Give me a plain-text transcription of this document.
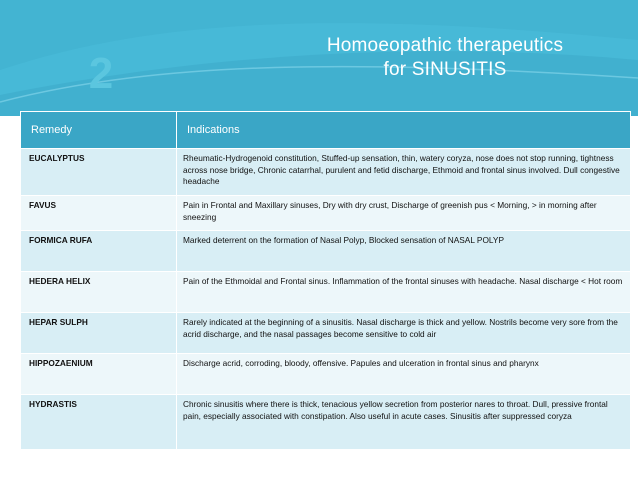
2
Homoeopathic therapeutics
for SINUSITIS
Remedy	Indications
EUCALYPTUS	Rheumatic-Hydrogenoid constitution, Stuffed-up sensation, thin, watery coryza, nose does not stop running, tightness across nose bridge, Chronic catarrhal, purulent and fetid discharge, Ethmoid and frontal sinus involved. Dull congestive headache
FAVUS	Pain in Frontal and Maxillary sinuses, Dry with dry crust, Discharge of greenish pus < Morning, > in morning after sneezing
FORMICA RUFA	Marked deterrent on the formation of Nasal Polyp, Blocked sensation of NASAL POLYP
HEDERA HELIX	Pain of the Ethmoidal and Frontal sinus. Inflammation of the frontal sinuses with headache. Nasal discharge < Hot room
HEPAR SULPH	Rarely indicated at the beginning of a sinusitis. Nasal discharge is thick and yellow. Nostrils become very sore from the acrid discharge, and the nasal passages become sensitive to cold air
HIPPOZAENIUM	Discharge acrid, corroding, bloody, offensive. Papules and ulceration in frontal sinus and pharynx
HYDRASTIS	Chronic sinusitis where there is thick, tenacious yellow secretion from posterior nares to throat. Dull, pressive frontal pain, especially associated with constipation. Also useful in acute cases. Sinusitis after suppressed coryza
